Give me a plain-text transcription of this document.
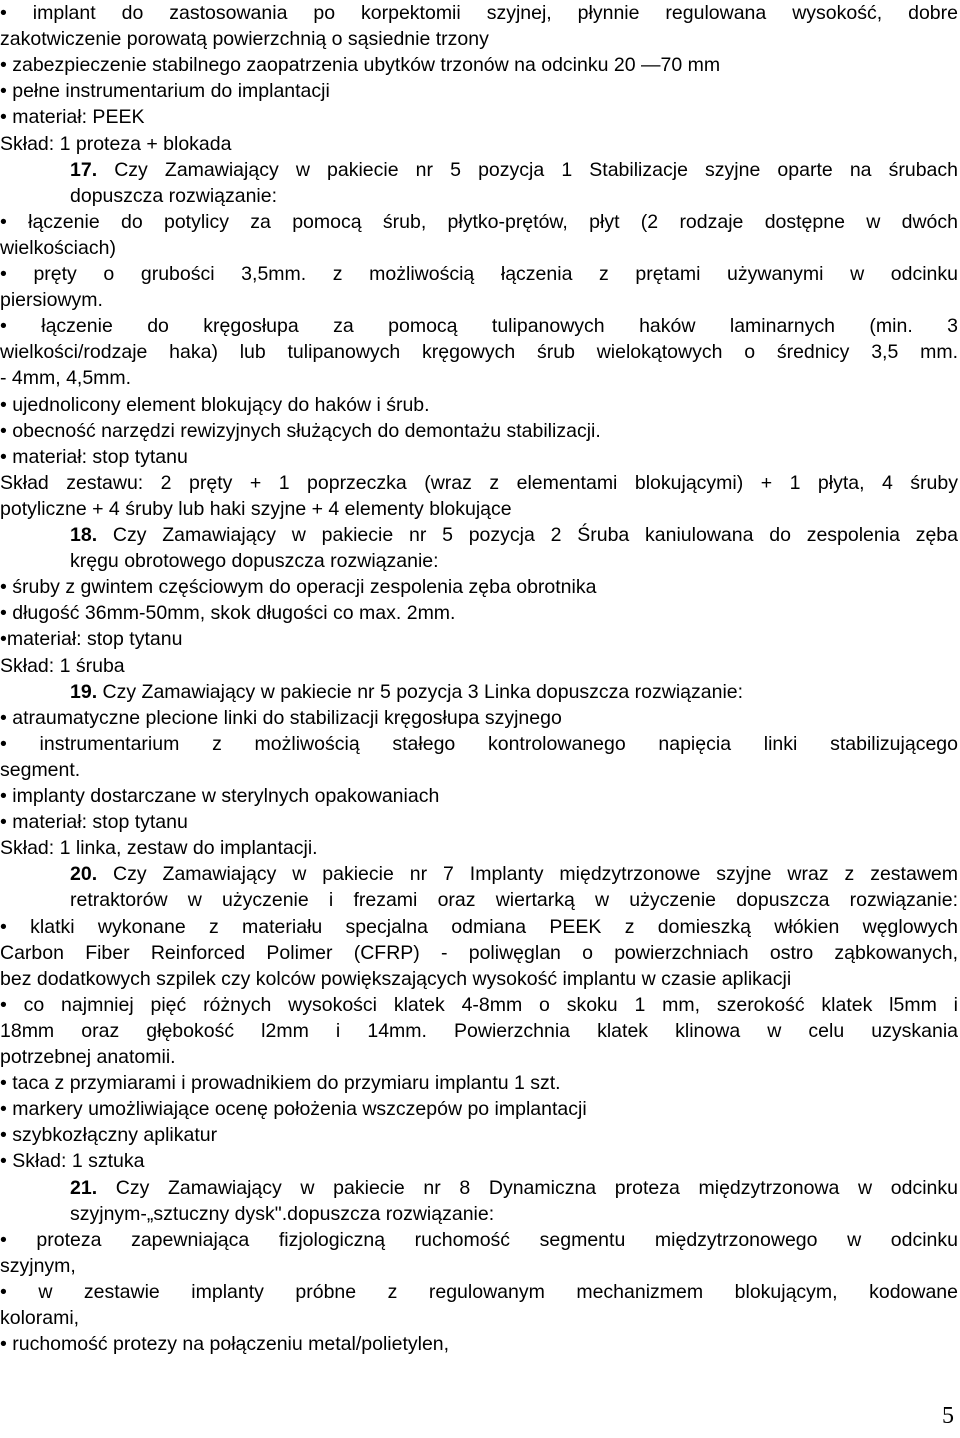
• implant do zastosowania po korpektomii szyjnej, płynnie regulowana wysokość, dobre
zakotwiczenie porowatą powierzchnią o sąsiednie trzony
• zabezpieczenie stabilnego zaopatrzenia ubytków trzonów na odcinku 20 —70 mm
• pełne instrumentarium do implantacji
• materiał: PEEK
Skład: 1 proteza + blokada
17. Czy Zamawiający w pakiecie nr 5 pozycja 1 Stabilizacje szyjne oparte na śrubach
dopuszcza rozwiązanie:
• łączenie do potylicy za pomocą śrub, płytko-prętów, płyt (2 rodzaje dostępne w dwóch
wielkościach)
• pręty o grubości 3,5mm. z możliwością łączenia z prętami używanymi w odcinku
piersiowym.
• łączenie do kręgosłupa za pomocą tulipanowych haków laminarnych (min. 3
wielkości/rodzaje haka) lub tulipanowych kręgowych śrub wielokątowych o średnicy 3,5 mm.
- 4mm, 4,5mm.
• ujednolicony element blokujący do haków i śrub.
• obecność narzędzi rewizyjnych służących do demontażu stabilizacji.
• materiał: stop tytanu
Skład zestawu: 2 pręty + 1 poprzeczka (wraz z elementami blokującymi) + 1 płyta, 4 śruby
potyliczne + 4 śruby lub haki szyjne + 4 elementy blokujące
18. Czy Zamawiający w pakiecie nr 5 pozycja 2 Śruba kaniulowana do zespolenia zęba
kręgu obrotowego dopuszcza rozwiązanie:
• śruby z gwintem częściowym do operacji zespolenia zęba obrotnika
• długość 36mm-50mm, skok długości co max. 2mm.
•materiał: stop tytanu
Skład: 1 śruba
19. Czy Zamawiający w pakiecie nr 5 pozycja 3 Linka dopuszcza rozwiązanie:
• atraumatyczne plecione linki do stabilizacji kręgosłupa szyjnego
• instrumentarium z możliwością stałego kontrolowanego napięcia linki stabilizującego
segment.
• implanty dostarczane w sterylnych opakowaniach
• materiał: stop tytanu
Skład: 1 linka, zestaw do implantacji.
20. Czy Zamawiający w pakiecie nr 7 Implanty międzytrzonowe szyjne wraz z zestawem
retraktorów w użyczenie i frezami oraz wiertarką w użyczenie dopuszcza rozwiązanie:
• klatki wykonane z materiału specjalna odmiana PEEK z domieszką włókien węglowych
Carbon Fiber Reinforced Polimer (CFRP) - poliwęglan o powierzchniach ostro ząbkowanych,
bez dodatkowych szpilek czy kolców powiększających wysokość implantu w czasie aplikacji
• co najmniej pięć różnych wysokości klatek 4-8mm o skoku 1 mm, szerokość klatek l5mm i
18mm oraz głębokość l2mm i 14mm. Powierzchnia klatek klinowa w celu uzyskania
potrzebnej anatomii.
• taca z przymiarami i prowadnikiem do przymiaru implantu 1 szt.
• markery umożliwiające ocenę położenia wszczepów po implantacji
• szybkozłączny aplikatur
• Skład: 1 sztuka
21. Czy Zamawiający w pakiecie nr 8 Dynamiczna proteza międzytrzonowa w odcinku
szyjnym-„sztuczny dysk".dopuszcza rozwiązanie:
• proteza zapewniająca fizjologiczną ruchomość segmentu międzytrzonowego w odcinku
szyjnym,
• w zestawie implanty próbne z regulowanym mechanizmem blokującym, kodowane
kolorami,
• ruchomość protezy na połączeniu metal/polietylen,
5
